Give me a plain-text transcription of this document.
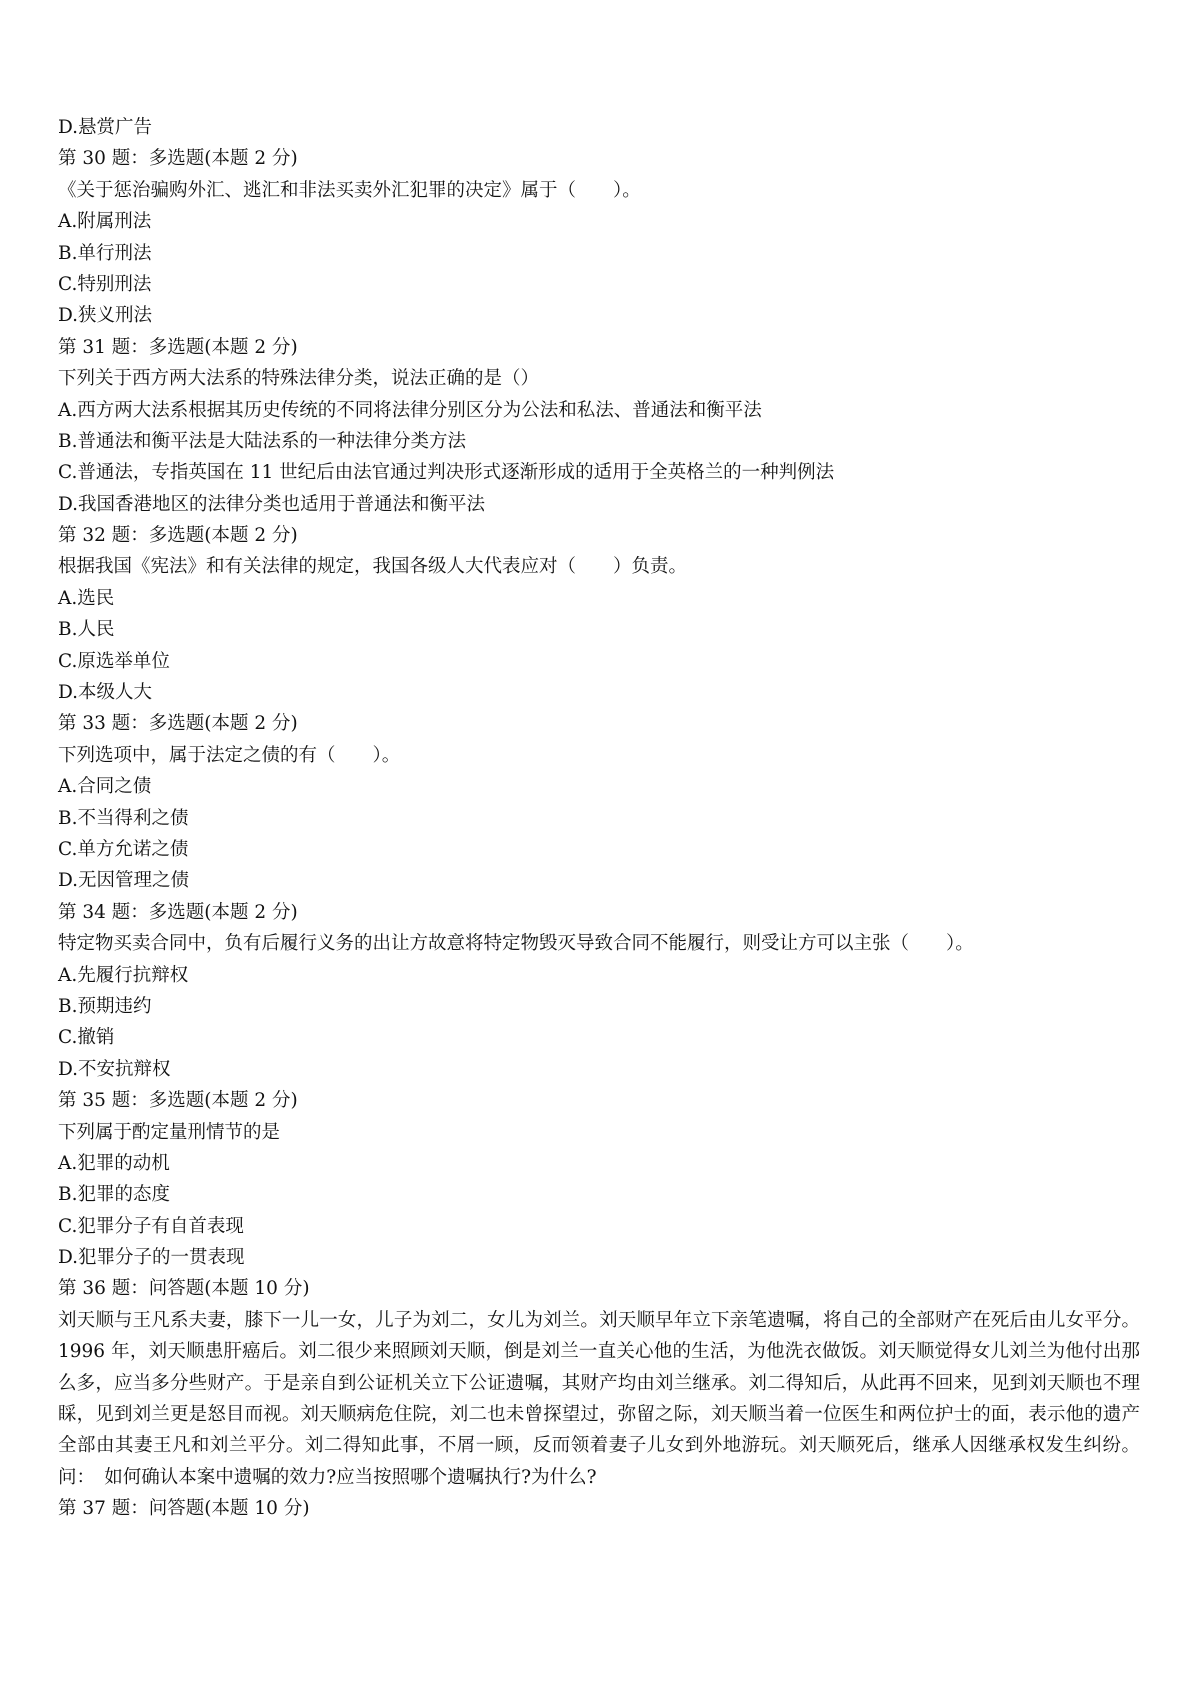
D.悬赏广告
第 30 题：多选题(本题 2 分)
《关于惩治骗购外汇、逃汇和非法买卖外汇犯罪的决定》属于（　　）。
A.附属刑法
B.单行刑法
C.特别刑法
D.狭义刑法
第 31 题：多选题(本题 2 分)
下列关于西方两大法系的特殊法律分类，说法正确的是（）
A.西方两大法系根据其历史传统的不同将法律分别区分为公法和私法、普通法和衡平法
B.普通法和衡平法是大陆法系的一种法律分类方法
C.普通法，专指英国在 11 世纪后由法官通过判决形式逐渐形成的适用于全英格兰的一种判例法
D.我国香港地区的法律分类也适用于普通法和衡平法
第 32 题：多选题(本题 2 分)
根据我国《宪法》和有关法律的规定，我国各级人大代表应对（　　）负责。
A.选民
B.人民
C.原选举单位
D.本级人大
第 33 题：多选题(本题 2 分)
下列选项中，属于法定之债的有（　　）。
A.合同之债
B.不当得利之债
C.单方允诺之债
D.无因管理之债
第 34 题：多选题(本题 2 分)
特定物买卖合同中，负有后履行义务的出让方故意将特定物毁灭导致合同不能履行，则受让方可以主张（　　）。
A.先履行抗辩权
B.预期违约
C.撤销
D.不安抗辩权
第 35 题：多选题(本题 2 分)
下列属于酌定量刑情节的是
A.犯罪的动机
B.犯罪的态度
C.犯罪分子有自首表现
D.犯罪分子的一贯表现
第 36 题：问答题(本题 10 分)
刘天顺与王凡系夫妻，膝下一儿一女，儿子为刘二，女儿为刘兰。刘天顺早年立下亲笔遗嘱，将自己的全部财产在死后由儿女平分。1996 年，刘天顺患肝癌后。刘二很少来照顾刘天顺，倒是刘兰一直关心他的生活，为他洗衣做饭。刘天顺觉得女儿刘兰为他付出那么多，应当多分些财产。于是亲自到公证机关立下公证遗嘱，其财产均由刘兰继承。刘二得知后，从此再不回来，见到刘天顺也不理睬，见到刘兰更是怒目而视。刘天顺病危住院，刘二也未曾探望过，弥留之际，刘天顺当着一位医生和两位护士的面，表示他的遗产全部由其妻王凡和刘兰平分。刘二得知此事，不屑一顾，反而领着妻子儿女到外地游玩。刘天顺死后，继承人因继承权发生纠纷。问：　如何确认本案中遗嘱的效力?应当按照哪个遗嘱执行?为什么?
第 37 题：问答题(本题 10 分)
